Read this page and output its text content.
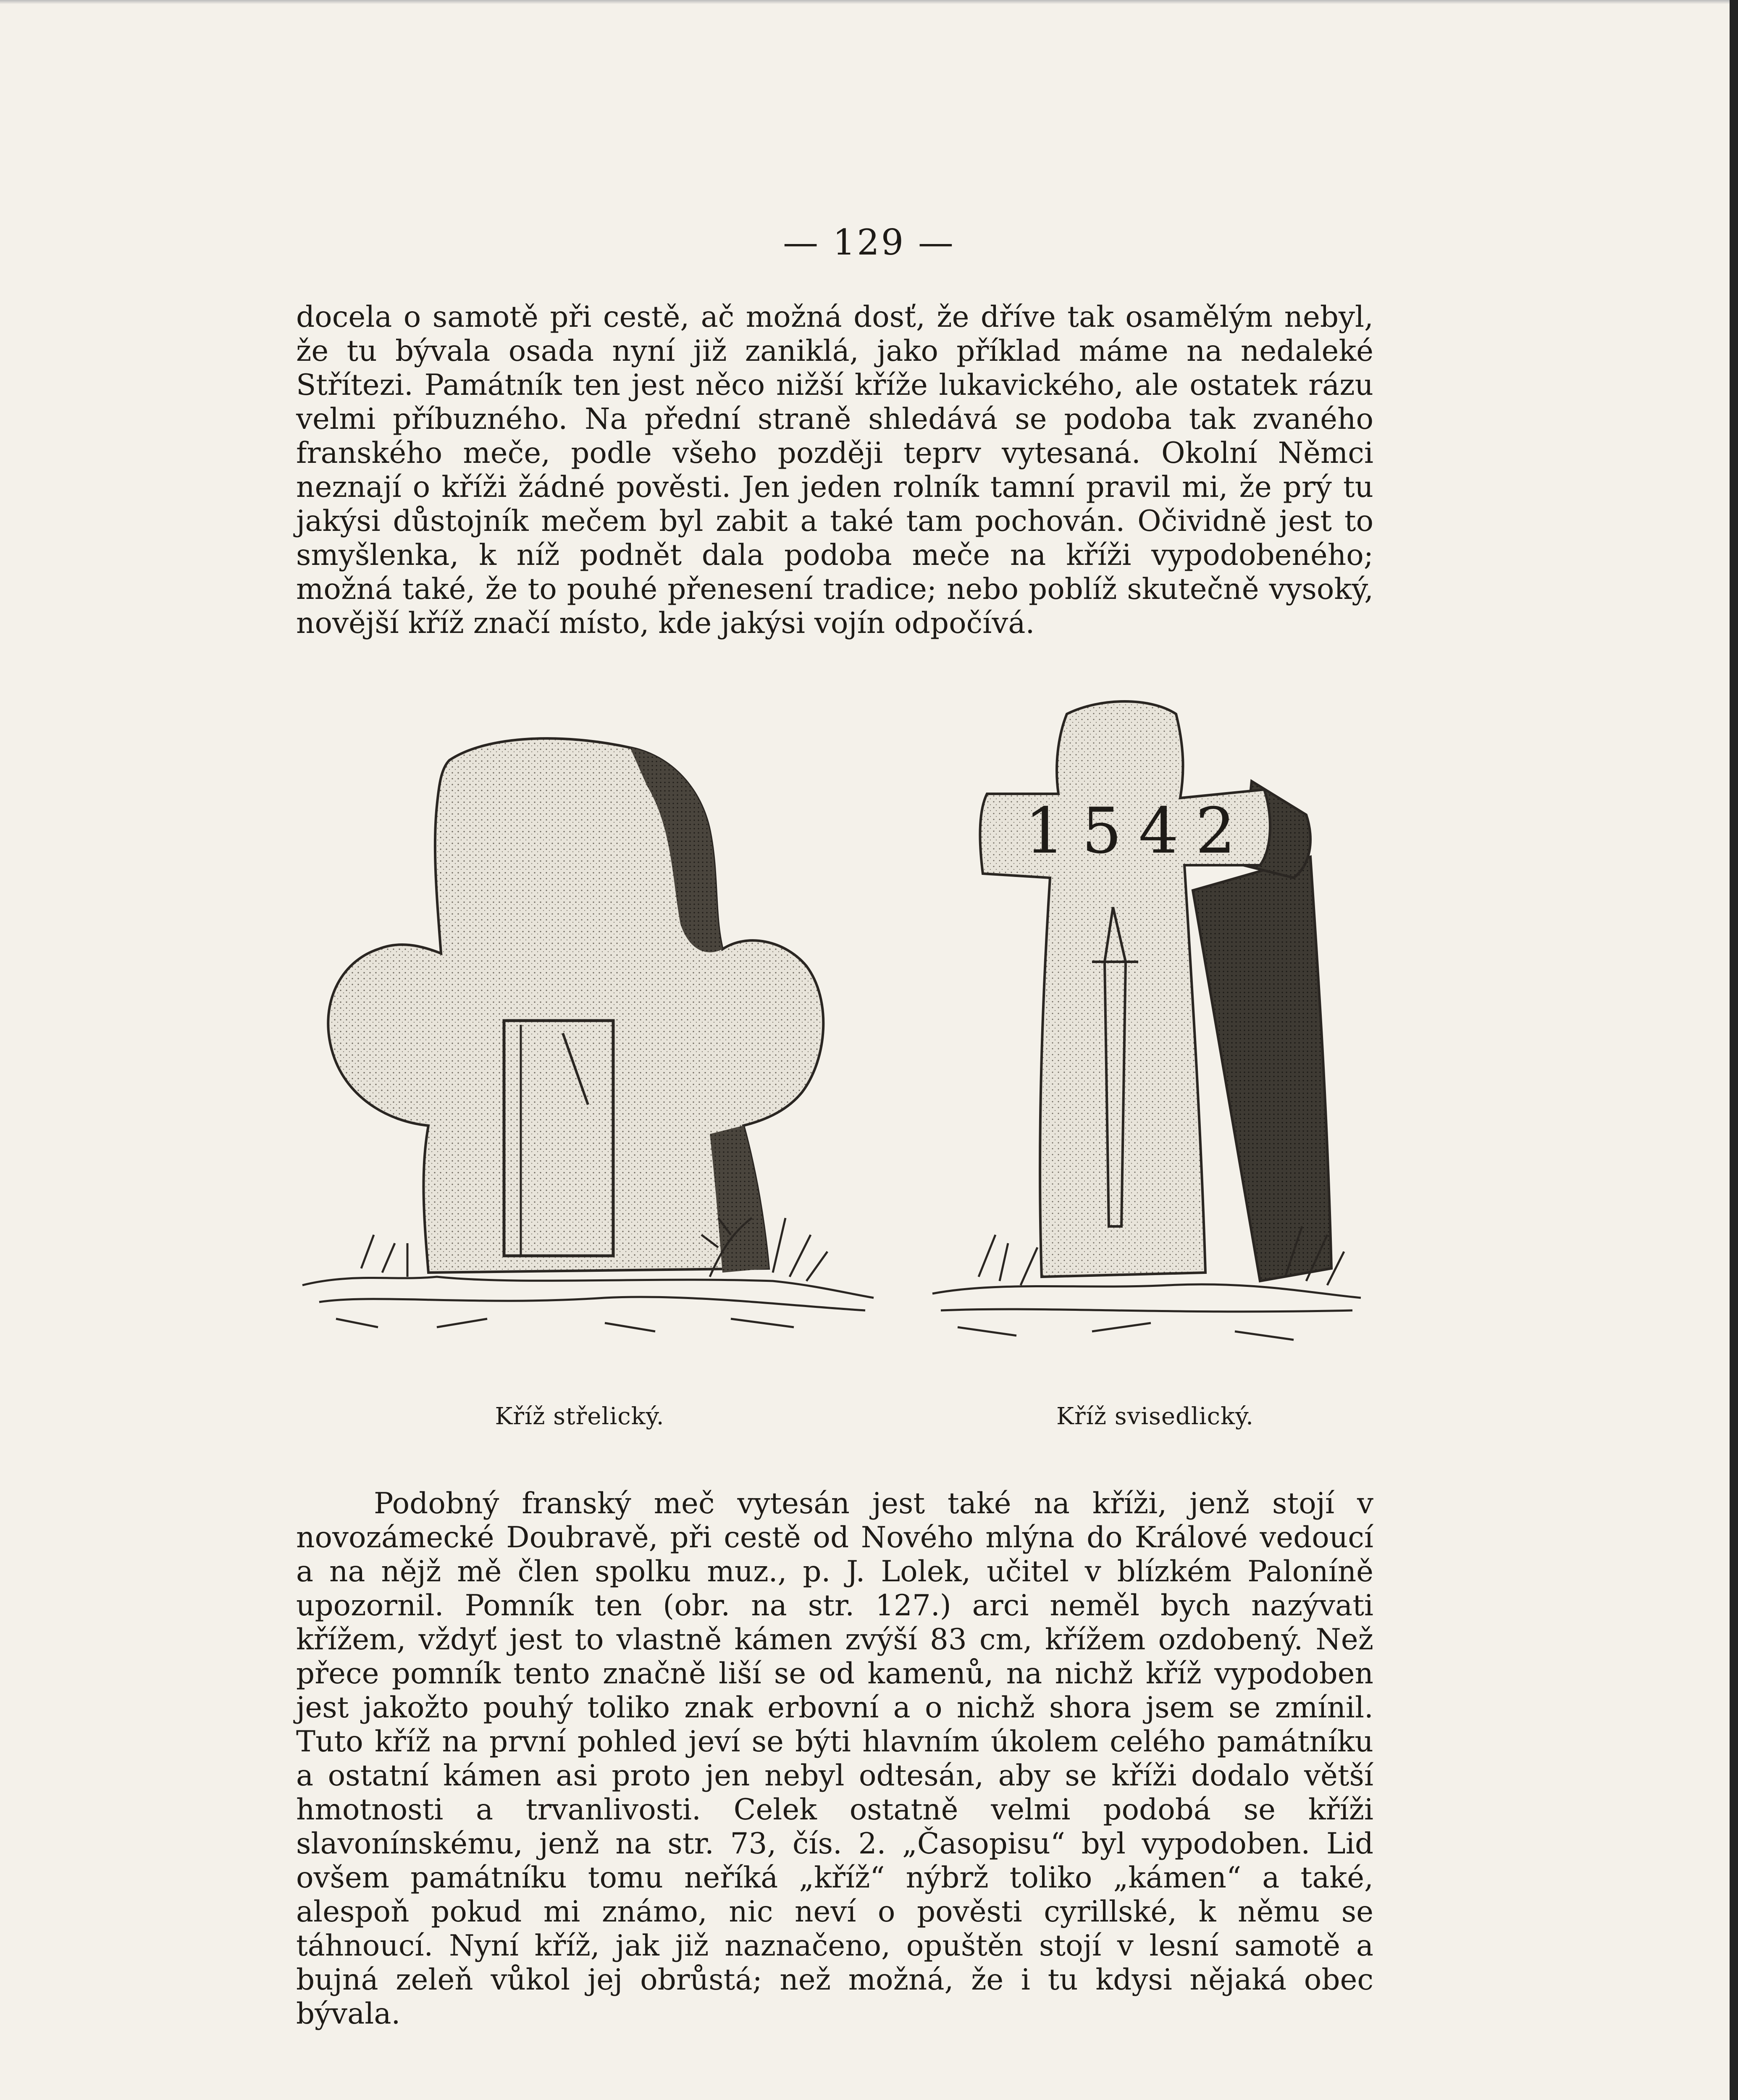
— 129 —

docela o samotě při cestě, ač možná dosť, že dříve tak osamělým nebyl, že tu bývala osada nyní již zaniklá, jako příklad máme na nedaleké Střítezi. Památník ten jest něco nižší kříže lukavického, ale ostatek rázu velmi příbuzného. Na přední straně shledává se podoba tak zvaného franského meče, podle všeho později teprv vytesaná. Okolní Němci neznají o kříži žádné pověsti. Jen jeden rolník tamní pravil mi, že prý tu jakýsi důstojník mečem byl zabit a také tam pochován. Očividně jest to smyšlenka, k níž podnět dala podoba meče na kříži vypodobeného; možná také, že to pouhé přenesení tradice; nebo poblíž skutečně vysoký, novější kříž značí místo, kde jakýsi vojín odpočívá.

Kříž střelický.
1542
Kříž svisedlický.

Podobný franský meč vytesán jest také na kříži, jenž stojí v novozámecké Doubravě, při cestě od Nového mlýna do Králové vedoucí a na nějž mě člen spolku muz., p. J. Lolek, učitel v blízkém Paloníně upozornil. Pomník ten (obr. na str. 127.) arci neměl bych nazývati křížem, vždyť jest to vlastně kámen zvýší 83 cm, křížem ozdobený. Než přece pomník tento značně liší se od kamenů, na nichž kříž vypodoben jest jakožto pouhý toliko znak erbovní a o nichž shora jsem se zmínil. Tuto kříž na první pohled jeví se býti hlavním úkolem celého památníku a ostatní kámen asi proto jen nebyl odtesán, aby se kříži dodalo větší hmotnosti a trvanlivosti. Celek ostatně velmi podobá se kříži slavonínskému, jenž na str. 73, čís. 2. „Časopisu“ byl vypodoben. Lid ovšem památníku tomu neříká „kříž“ nýbrž toliko „kámen“ a také, alespoň pokud mi známo, nic neví o pověsti cyrillské, k němu se táhnoucí. Nyní kříž, jak již naznačeno, opuštěn stojí v lesní samotě a bujná zeleň vůkol jej obrůstá; než možná, že i tu kdysi nějaká obec bývala.
